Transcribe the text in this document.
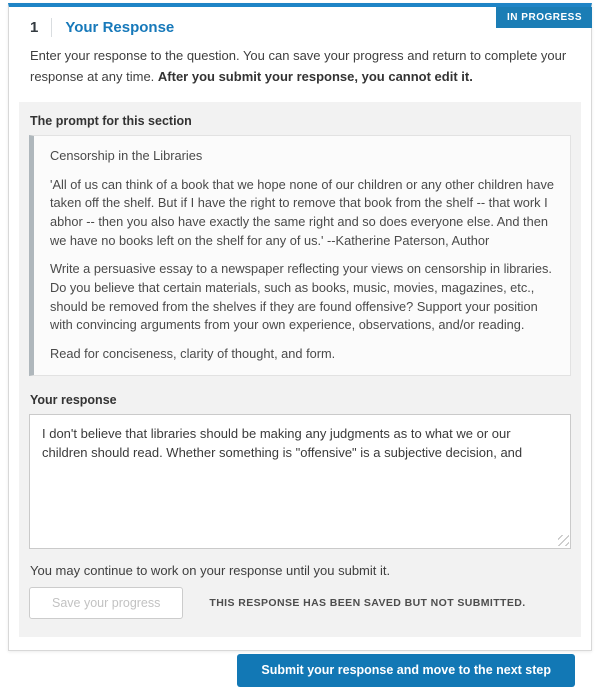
IN PROGRESS
1 Your Response

Enter your response to the question. You can save your progress and return to complete your response at any time. After you submit your response, you cannot edit it.

The prompt for this section

Censorship in the Libraries

'All of us can think of a book that we hope none of our children or any other children have taken off the shelf. But if I have the right to remove that book from the shelf -- that work I abhor -- then you also have exactly the same right and so does everyone else. And then we have no books left on the shelf for any of us.' --Katherine Paterson, Author

Write a persuasive essay to a newspaper reflecting your views on censorship in libraries. Do you believe that certain materials, such as books, music, movies, magazines, etc., should be removed from the shelves if they are found offensive? Support your position with convincing arguments from your own experience, observations, and/or reading.

Read for conciseness, clarity of thought, and form.

Your response
I don't believe that libraries should be making any judgments as to what we or our children should read. Whether something is "offensive" is a subjective decision, and
You may continue to work on your response until you submit it.
Save your progress	THIS RESPONSE HAS BEEN SAVED BUT NOT SUBMITTED.
Submit your response and move to the next step
